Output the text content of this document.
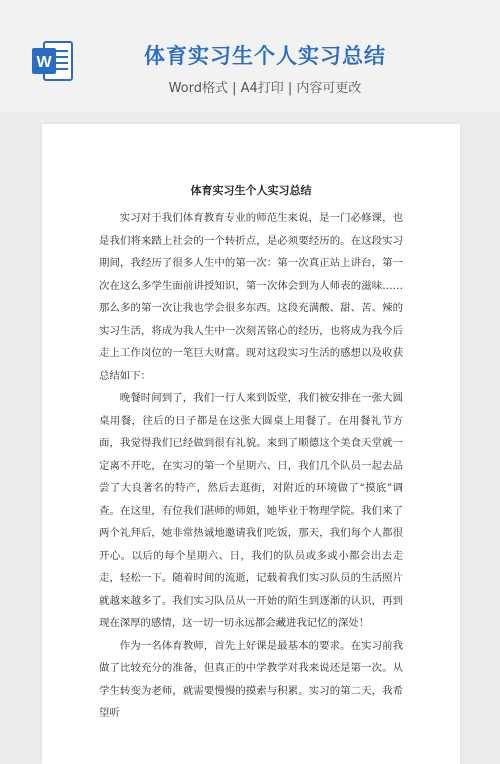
W	体育实习生个人实习总结
Word格式 | A4打印 | 内容可更改
体育实习生个人实习总结

实习对于我们体育教育专业的师范生来说，是一门必修课，也是我们将来踏上社会的一个转折点，是必须要经历的。在这段实习期间，我经历了很多人生中的第一次：第一次真正站上讲台，第一次在这么多学生面前讲授知识，第一次体会到为人师表的滋味……那么多的第一次让我也学会很多东西。这段充满酸、甜、苦、辣的实习生活，将成为我人生中一次刻苦铭心的经历，也将成为我今后走上工作岗位的一笔巨大财富。现对这段实习生活的感想以及收获总结如下：

晚餐时间到了，我们一行人来到饭堂，我们被安排在一张大圆桌用餐，往后的日子都是在这张大圆桌上用餐了。在用餐礼节方面，我觉得我们已经做到很有礼貌。来到了顺德这个美食天堂就一定离不开吃，在实习的第一个星期六、日，我们几个队员一起去品尝了大良著名的特产，然后去逛街，对附近的环境做了“摸底”调查。在这里，有位我们湛师的师姐，她毕业于物理学院。我们来了两个礼拜后，她非常热诚地邀请我们吃饭，那天，我们每个人都很开心。以后的每个星期六、日，我们的队员或多或小都会出去走走，轻松一下。随着时间的流逝，记载着我们实习队员的生活照片就越来越多了。我们实习队员从一开始的陌生到逐渐的认识，再到现在深厚的感情，这一切一切永远都会藏进我记忆的深处！

作为一名体育教师，首先上好课是最基本的要求。在实习前我做了比较充分的准备，但真正的中学教学对我来说还是第一次。从学生转变为老师，就需要慢慢的摸索与积累。实习的第二天，我希望听
